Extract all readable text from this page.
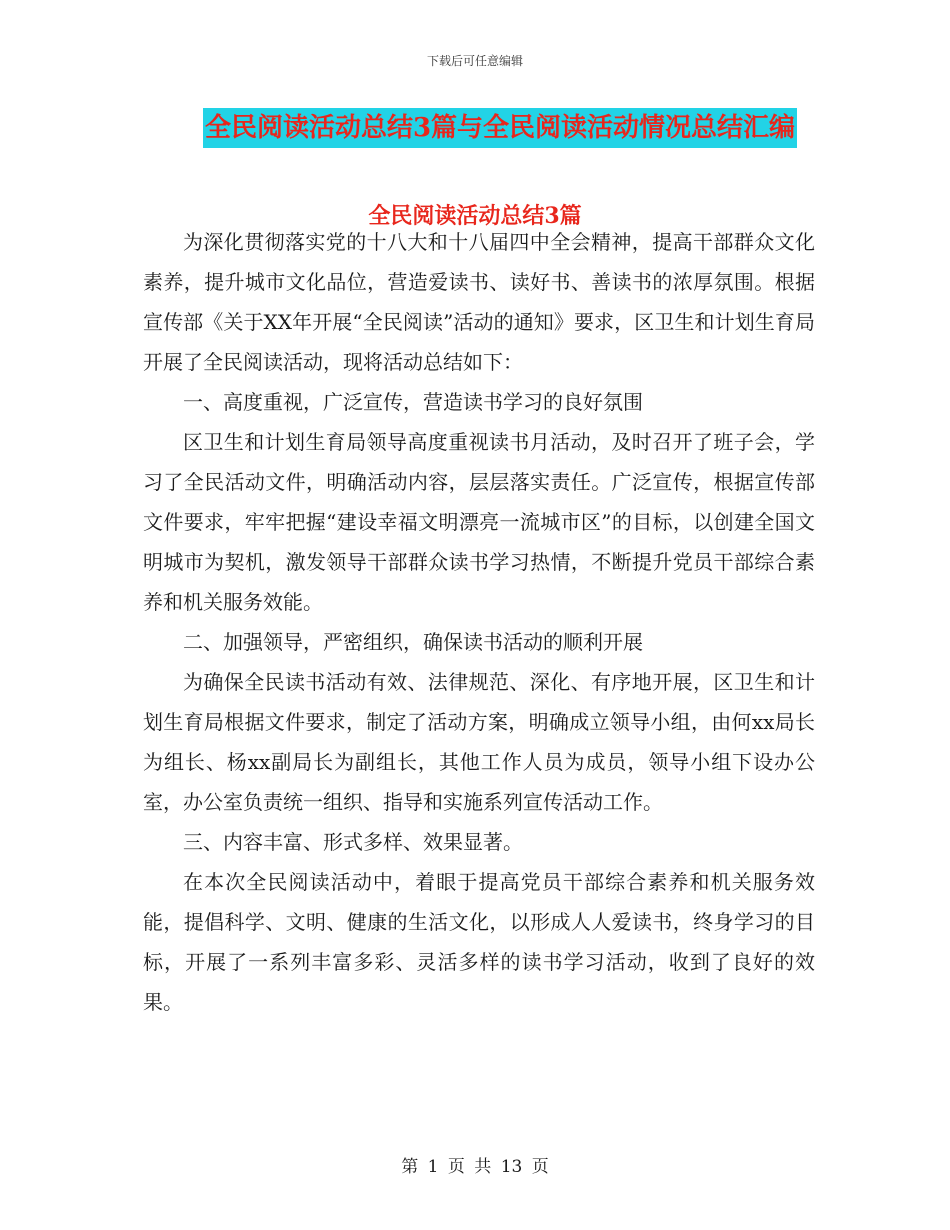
下载后可任意编辑
全民阅读活动总结3篇与全民阅读活动情况总结汇编
全民阅读活动总结3篇

为深化贯彻落实党的十八大和十八届四中全会精神，提高干部群众文化素养，提升城市文化品位，营造爱读书、读好书、善读书的浓厚氛围。根据宣传部《关于XX年开展“全民阅读”活动的通知》要求，区卫生和计划生育局开展了全民阅读活动，现将活动总结如下：

一、高度重视，广泛宣传，营造读书学习的良好氛围

区卫生和计划生育局领导高度重视读书月活动，及时召开了班子会，学习了全民活动文件，明确活动内容，层层落实责任。广泛宣传，根据宣传部文件要求，牢牢把握“建设幸福文明漂亮一流城市区”的目标，以创建全国文明城市为契机，激发领导干部群众读书学习热情，不断提升党员干部综合素养和机关服务效能。

二、加强领导，严密组织，确保读书活动的顺利开展

为确保全民读书活动有效、法律规范、深化、有序地开展，区卫生和计划生育局根据文件要求，制定了活动方案，明确成立领导小组，由何xx局长为组长、杨xx副局长为副组长，其他工作人员为成员，领导小组下设办公室，办公室负责统一组织、指导和实施系列宣传活动工作。

三、内容丰富、形式多样、效果显著。

在本次全民阅读活动中，着眼于提高党员干部综合素养和机关服务效能，提倡科学、文明、健康的生活文化，以形成人人爱读书，终身学习的目标，开展了一系列丰富多彩、灵活多样的读书学习活动，收到了良好的效果。

第 1 页 共 13 页
